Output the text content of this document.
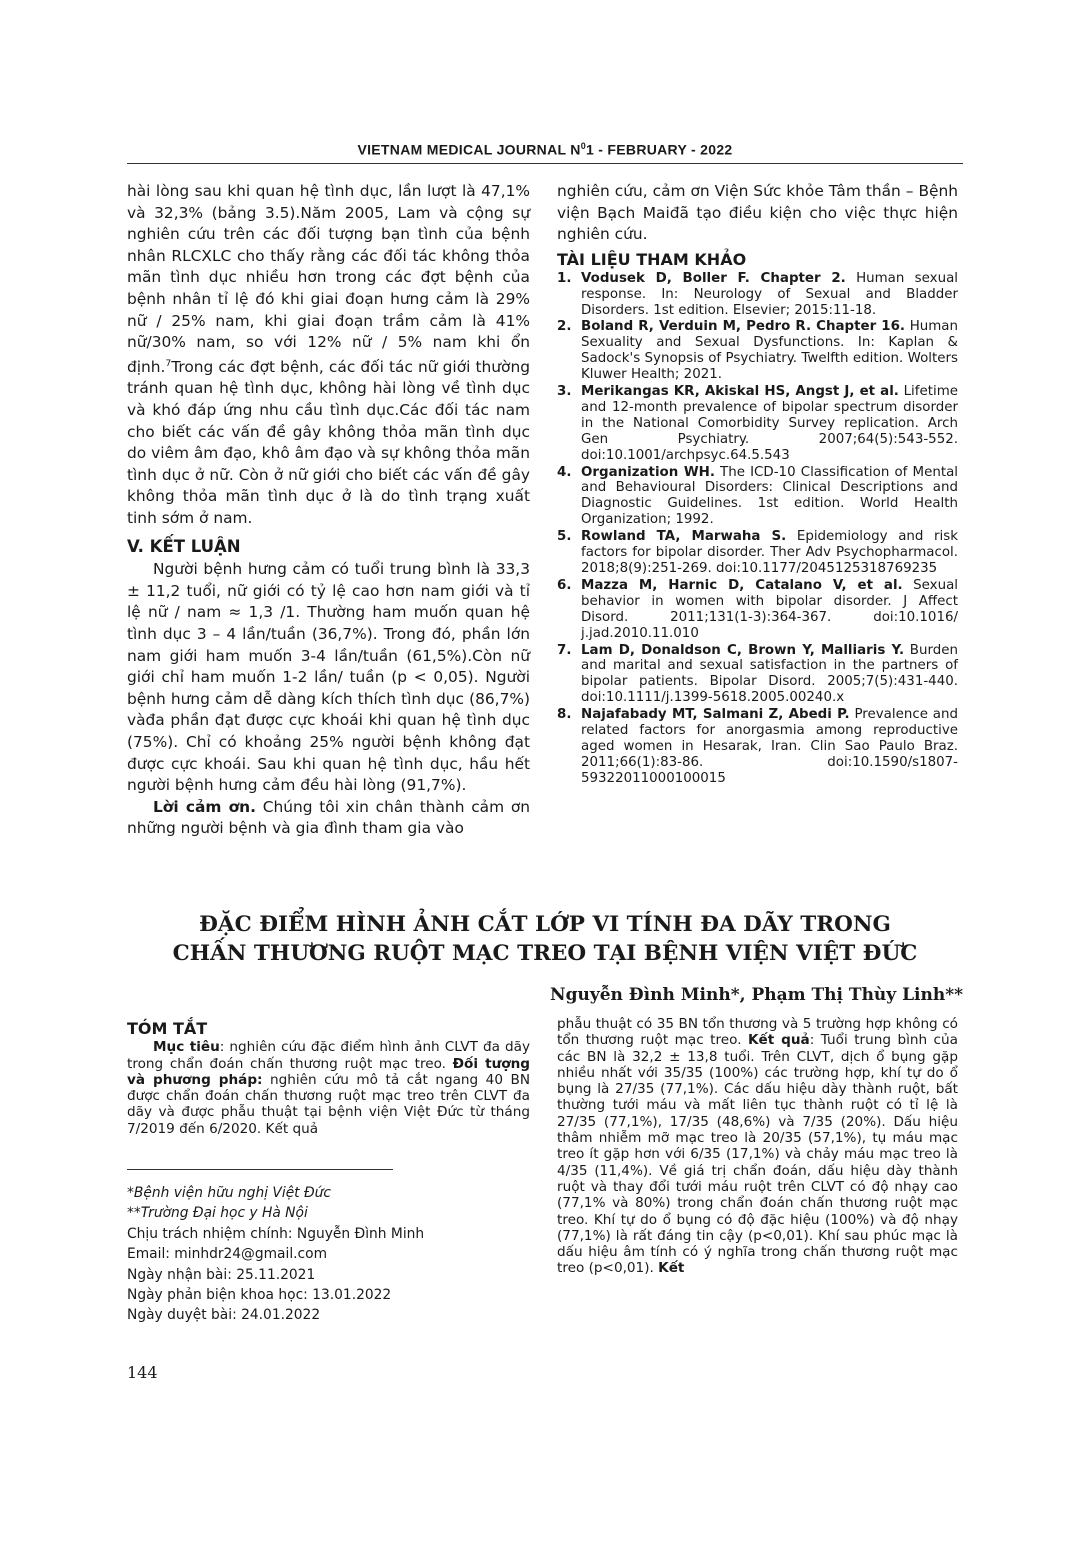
VIETNAM MEDICAL JOURNAL $N^01$ - FEBRUARY - 2022

hài lòng sau khi quan hệ tình dục, lần lượt là 47,1% và 32,3% (bảng 3.5).Năm 2005, Lam và cộng sự nghiên cứu trên các đối tượng bạn tình của bệnh nhân RLCXLC cho thấy rằng các đối tác không thỏa mãn tình dục nhiều hơn trong các đợt bệnh của bệnh nhân tỉ lệ đó khi giai đoạn hưng cảm là 29% nữ / 25% nam, khi giai đoạn trầm cảm là 41% nữ/30% nam, so với 12% nữ / 5% nam khi ổn định.$^7$Trong các đợt bệnh, các đối tác nữ giới thường tránh quan hệ tình dục, không hài lòng về tình dục và khó đáp ứng nhu cầu tình dục.Các đối tác nam cho biết các vấn đề gây không thỏa mãn tình dục do viêm âm đạo, khô âm đạo và sự không thỏa mãn tình dục ở nữ. Còn ở nữ giới cho biết các vấn đề gây không thỏa mãn tình dục ở là do tình trạng xuất tinh sớm ở nam.

V. KẾT LUẬN

Người bệnh hưng cảm có tuổi trung bình là 33,3 ± 11,2 tuổi, nữ giới có tỷ lệ cao hơn nam giới và tỉ lệ nữ / nam ≈ 1,3 /1. Thường ham muốn quan hệ tình dục 3 – 4 lần/tuần (36,7%). Trong đó, phần lớn nam giới ham muốn 3-4 lần/tuần (61,5%).Còn nữ giới chỉ ham muốn 1-2 lần/ tuần (p < 0,05). Người bệnh hưng cảm dễ dàng kích thích tình dục (86,7%) vàđa phần đạt được cực khoái khi quan hệ tình dục (75%). Chỉ có khoảng 25% người bệnh không đạt được cực khoái. Sau khi quan hệ tình dục, hầu hết người bệnh hưng cảm đều hài lòng (91,7%).

Lời cảm ơn. Chúng tôi xin chân thành cảm ơn những người bệnh và gia đình tham gia vào

nghiên cứu, cảm ơn Viện Sức khỏe Tâm thần – Bệnh viện Bạch Maiđã tạo điều kiện cho việc thực hiện nghiên cứu.

TÀI LIỆU THAM KHẢO
1. Vodusek D, Boller F. Chapter 2. Human sexual response. In: Neurology of Sexual and Bladder Disorders. 1st edition. Elsevier; 2015:11-18.
2. Boland R, Verduin M, Pedro R. Chapter 16. Human Sexuality and Sexual Dysfunctions. In: Kaplan & Sadock's Synopsis of Psychiatry. Twelfth edition. Wolters Kluwer Health; 2021.
3. Merikangas KR, Akiskal HS, Angst J, et al. Lifetime and 12-month prevalence of bipolar spectrum disorder in the National Comorbidity Survey replication. Arch Gen Psychiatry. 2007;64(5):543-552. doi:10.1001/archpsyc.64.5.543
4. Organization WH. The ICD-10 Classification of Mental and Behavioural Disorders: Clinical Descriptions and Diagnostic Guidelines. 1st edition. World Health Organization; 1992.
5. Rowland TA, Marwaha S. Epidemiology and risk factors for bipolar disorder. Ther Adv Psychopharmacol. 2018;8(9):251-269. doi:10.1177/2045125318769235
6. Mazza M, Harnic D, Catalano V, et al. Sexual behavior in women with bipolar disorder. J Affect Disord. 2011;131(1-3):364-367. doi:10.1016/ j.jad.2010.11.010
7. Lam D, Donaldson C, Brown Y, Malliaris Y. Burden and marital and sexual satisfaction in the partners of bipolar patients. Bipolar Disord. 2005;7(5):431-440. doi:10.1111/j.1399-5618.2005.00240.x
8. Najafabady MT, Salmani Z, Abedi P. Prevalence and related factors for anorgasmia among reproductive aged women in Hesarak, Iran. Clin Sao Paulo Braz. 2011;66(1):83-86. doi:10.1590/s1807-59322011000100015
ĐẶC ĐIỂM HÌNH ẢNH CẮT LỚP VI TÍNH ĐA DÃY TRONG
CHẤN THƯƠNG RUỘT MẠC TREO TẠI BỆNH VIỆN VIỆT ĐỨC
Nguyễn Đình Minh*, Phạm Thị Thùy Linh**
TÓM TẮT

Mục tiêu: nghiên cứu đặc điểm hình ảnh CLVT đa dãy trong chẩn đoán chấn thương ruột mạc treo. Đối tượng và phương pháp: nghiên cứu mô tả cắt ngang 40 BN được chẩn đoán chấn thương ruột mạc treo trên CLVT đa dãy và được phẫu thuật tại bệnh viện Việt Đức từ tháng 7/2019 đến 6/2020. Kết quả

phẫu thuật có 35 BN tổn thương và 5 trường hợp không có tổn thương ruột mạc treo. Kết quả: Tuổi trung bình của các BN là 32,2 ± 13,8 tuổi. Trên CLVT, dịch ổ bụng gặp nhiều nhất với 35/35 (100%) các trường hợp, khí tự do ổ bụng là 27/35 (77,1%). Các dấu hiệu dày thành ruột, bất thường tưới máu và mất liên tục thành ruột có tỉ lệ là 27/35 (77,1%), 17/35 (48,6%) và 7/35 (20%). Dấu hiệu thâm nhiễm mỡ mạc treo là 20/35 (57,1%), tụ máu mạc treo ít gặp hơn với 6/35 (17,1%) và chảy máu mạc treo là 4/35 (11,4%). Về giá trị chẩn đoán, dấu hiệu dày thành ruột và thay đổi tưới máu ruột trên CLVT có độ nhạy cao (77,1% và 80%) trong chẩn đoán chấn thương ruột mạc treo. Khí tự do ổ bụng có độ đặc hiệu (100%) và độ nhạy (77,1%) là rất đáng tin cậy (p<0,01). Khí sau phúc mạc là dấu hiệu âm tính có ý nghĩa trong chấn thương ruột mạc treo (p<0,01). Kết

*Bệnh viện hữu nghị Việt Đức
**Trường Đại học y Hà Nội
Chịu trách nhiệm chính: Nguyễn Đình Minh
Email: minhdr24@gmail.com
Ngày nhận bài: 25.11.2021
Ngày phản biện khoa học: 13.01.2022
Ngày duyệt bài: 24.01.2022
144
